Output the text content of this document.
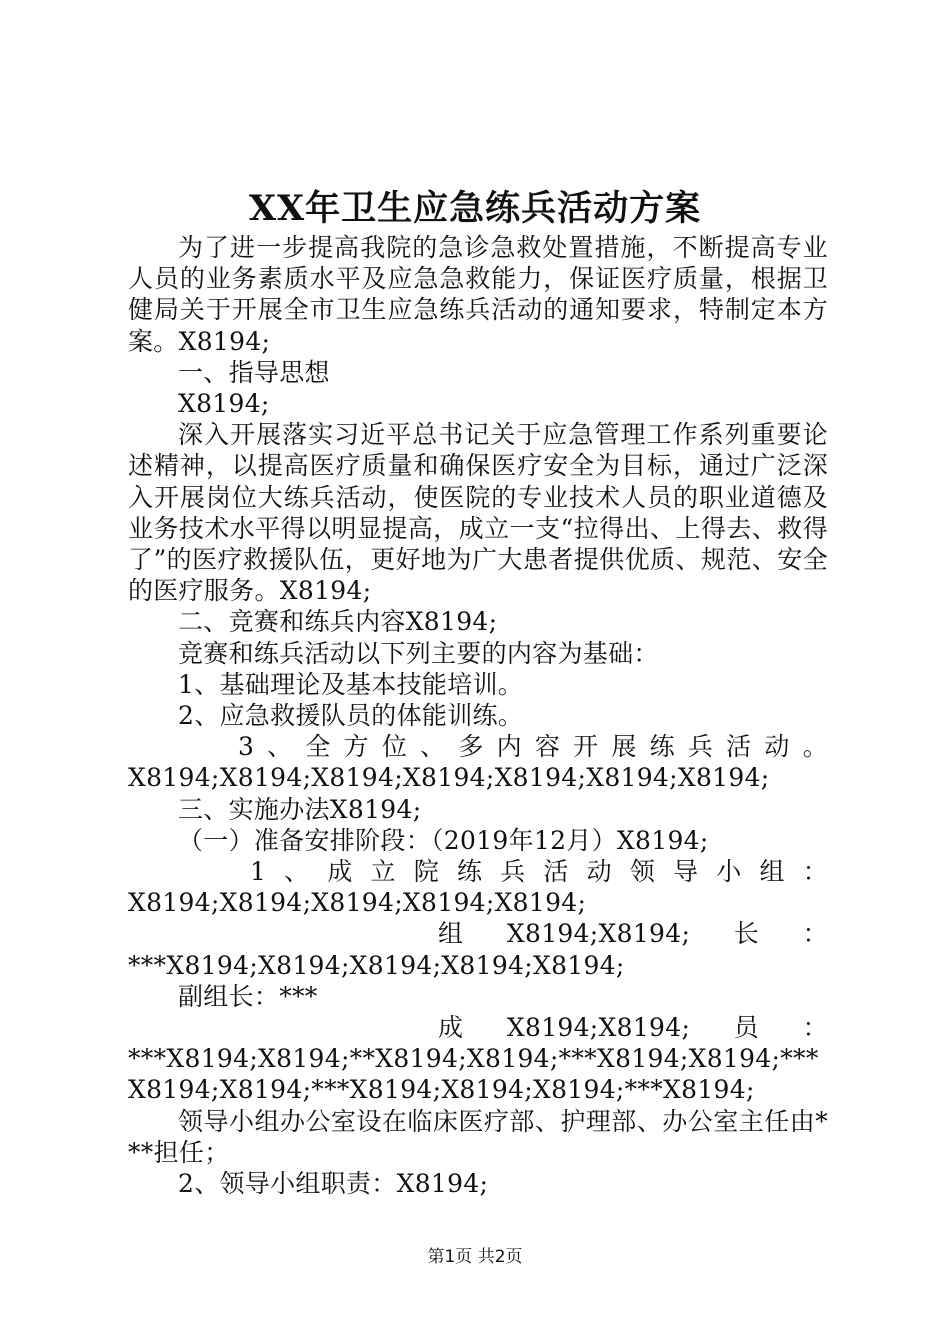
XX年卫生应急练兵活动方案

为了进一步提高我院的急诊急救处置措施，不断提高专业人员的业务素质水平及应急急救能力，保证医疗质量，根据卫健局关于开展全市卫生应急练兵活动的通知要求，特制定本方案。X8194;

一、指导思想

X8194;

深入开展落实习近平总书记关于应急管理工作系列重要论述精神，以提高医疗质量和确保医疗安全为目标，通过广泛深入开展岗位大练兵活动，使医院的专业技术人员的职业道德及业务技术水平得以明显提高，成立一支“拉得出、上得去、救得了”的医疗救援队伍，更好地为广大患者提供优质、规范、安全的医疗服务。X8194;

二、竞赛和练兵内容X8194;

竞赛和练兵活动以下列主要的内容为基础：

1、基础理论及基本技能培训。

2、应急救援队员的体能训练。

3、全方位、多内容开展练兵活动。

X8194;X8194;X8194;X8194;X8194;X8194;X8194;

三、实施办法X8194;

（一）准备安排阶段：（2019年12月）X8194;

1、成立院练兵活动领导小组：

X8194;X8194;X8194;X8194;X8194;

组 X8194;X8194; 长 ：

***X8194;X8194;X8194;X8194;X8194;

副组长：***

成 X8194;X8194; 员 ：

***X8194;X8194;**X8194;X8194;***X8194;X8194;***X8194;X8194;***X8194;X8194;X8194;***X8194;

领导小组办公室设在临床医疗部、护理部、办公室主任由***担任；

2、领导小组职责：X8194;

第1页 共2页
